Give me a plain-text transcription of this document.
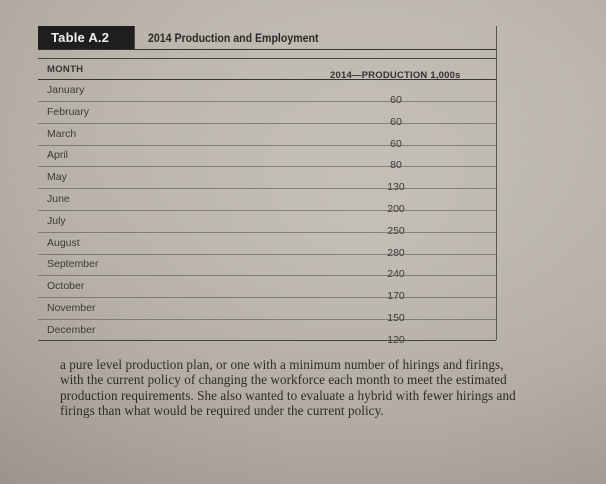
Table A.2	2014 Production and Employment
MONTH
2014—PRODUCTION 1,000s
January
60
February
60
March
60
April
80
May
130
June
200
July
250
August
280
September
240
October
170
November
150
December
120
a pure level production plan, or one with a minimum number of hirings and firings, with the current policy of changing the workforce each month to meet the estimated production requirements. She also wanted to evaluate a hybrid with fewer hirings and firings than what would be required under the current policy.
